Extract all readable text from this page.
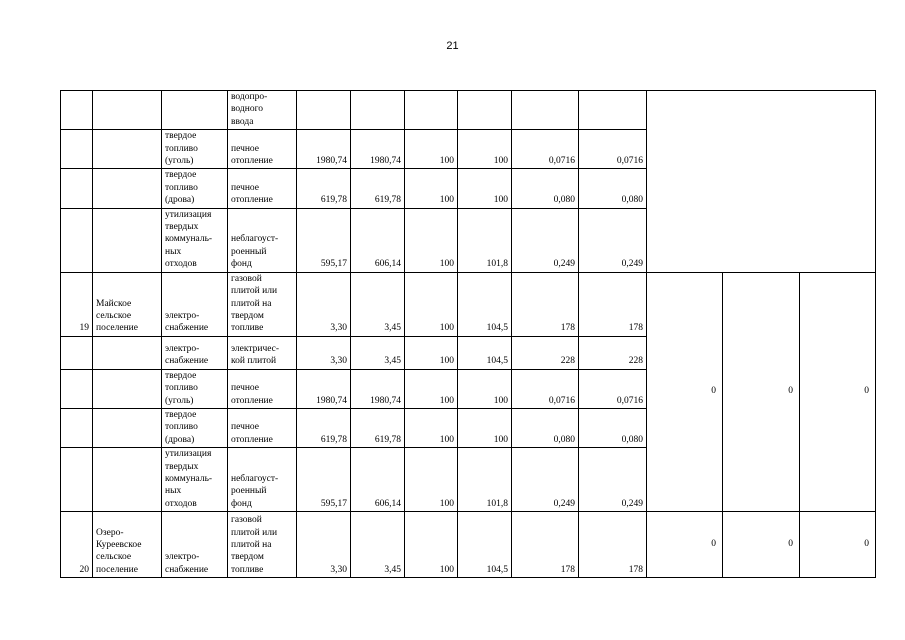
21
			водопро-
водного
ввода									
		твердое
топливо
(уголь)	печное
отопление	1980,74	1980,74	100	100	0,0716	0,0716			
		твердое
топливо
(дрова)	печное
отопление	619,78	619,78	100	100	0,080	0,080			
		утилизация
твердых
коммуналь-
ных
отходов	неблагоуст-
роенный
фонд	595,17	606,14	100	101,8	0,249	0,249			
19	Майское
сельское
поселение	электро-
снабжение	газовой
плитой или
плитой на
твердом
топливе	3,30	3,45	100	104,5	178	178	0	0	0
		электро-
снабжение	электричес-
кой плитой	3,30	3,45	100	104,5	228	228			
		твердое
топливо
(уголь)	печное
отопление	1980,74	1980,74	100	100	0,0716	0,0716			
		твердое
топливо
(дрова)	печное
отопление	619,78	619,78	100	100	0,080	0,080			
		утилизация
твердых
коммуналь-
ных
отходов	неблагоуст-
роенный
фонд	595,17	606,14	100	101,8	0,249	0,249			
20	Озеро-
Курeевское
сельское
поселение	электро-
снабжение	газовой
плитой или
плитой на
твердом
топливе	3,30	3,45	100	104,5	178	178	0	0	0
